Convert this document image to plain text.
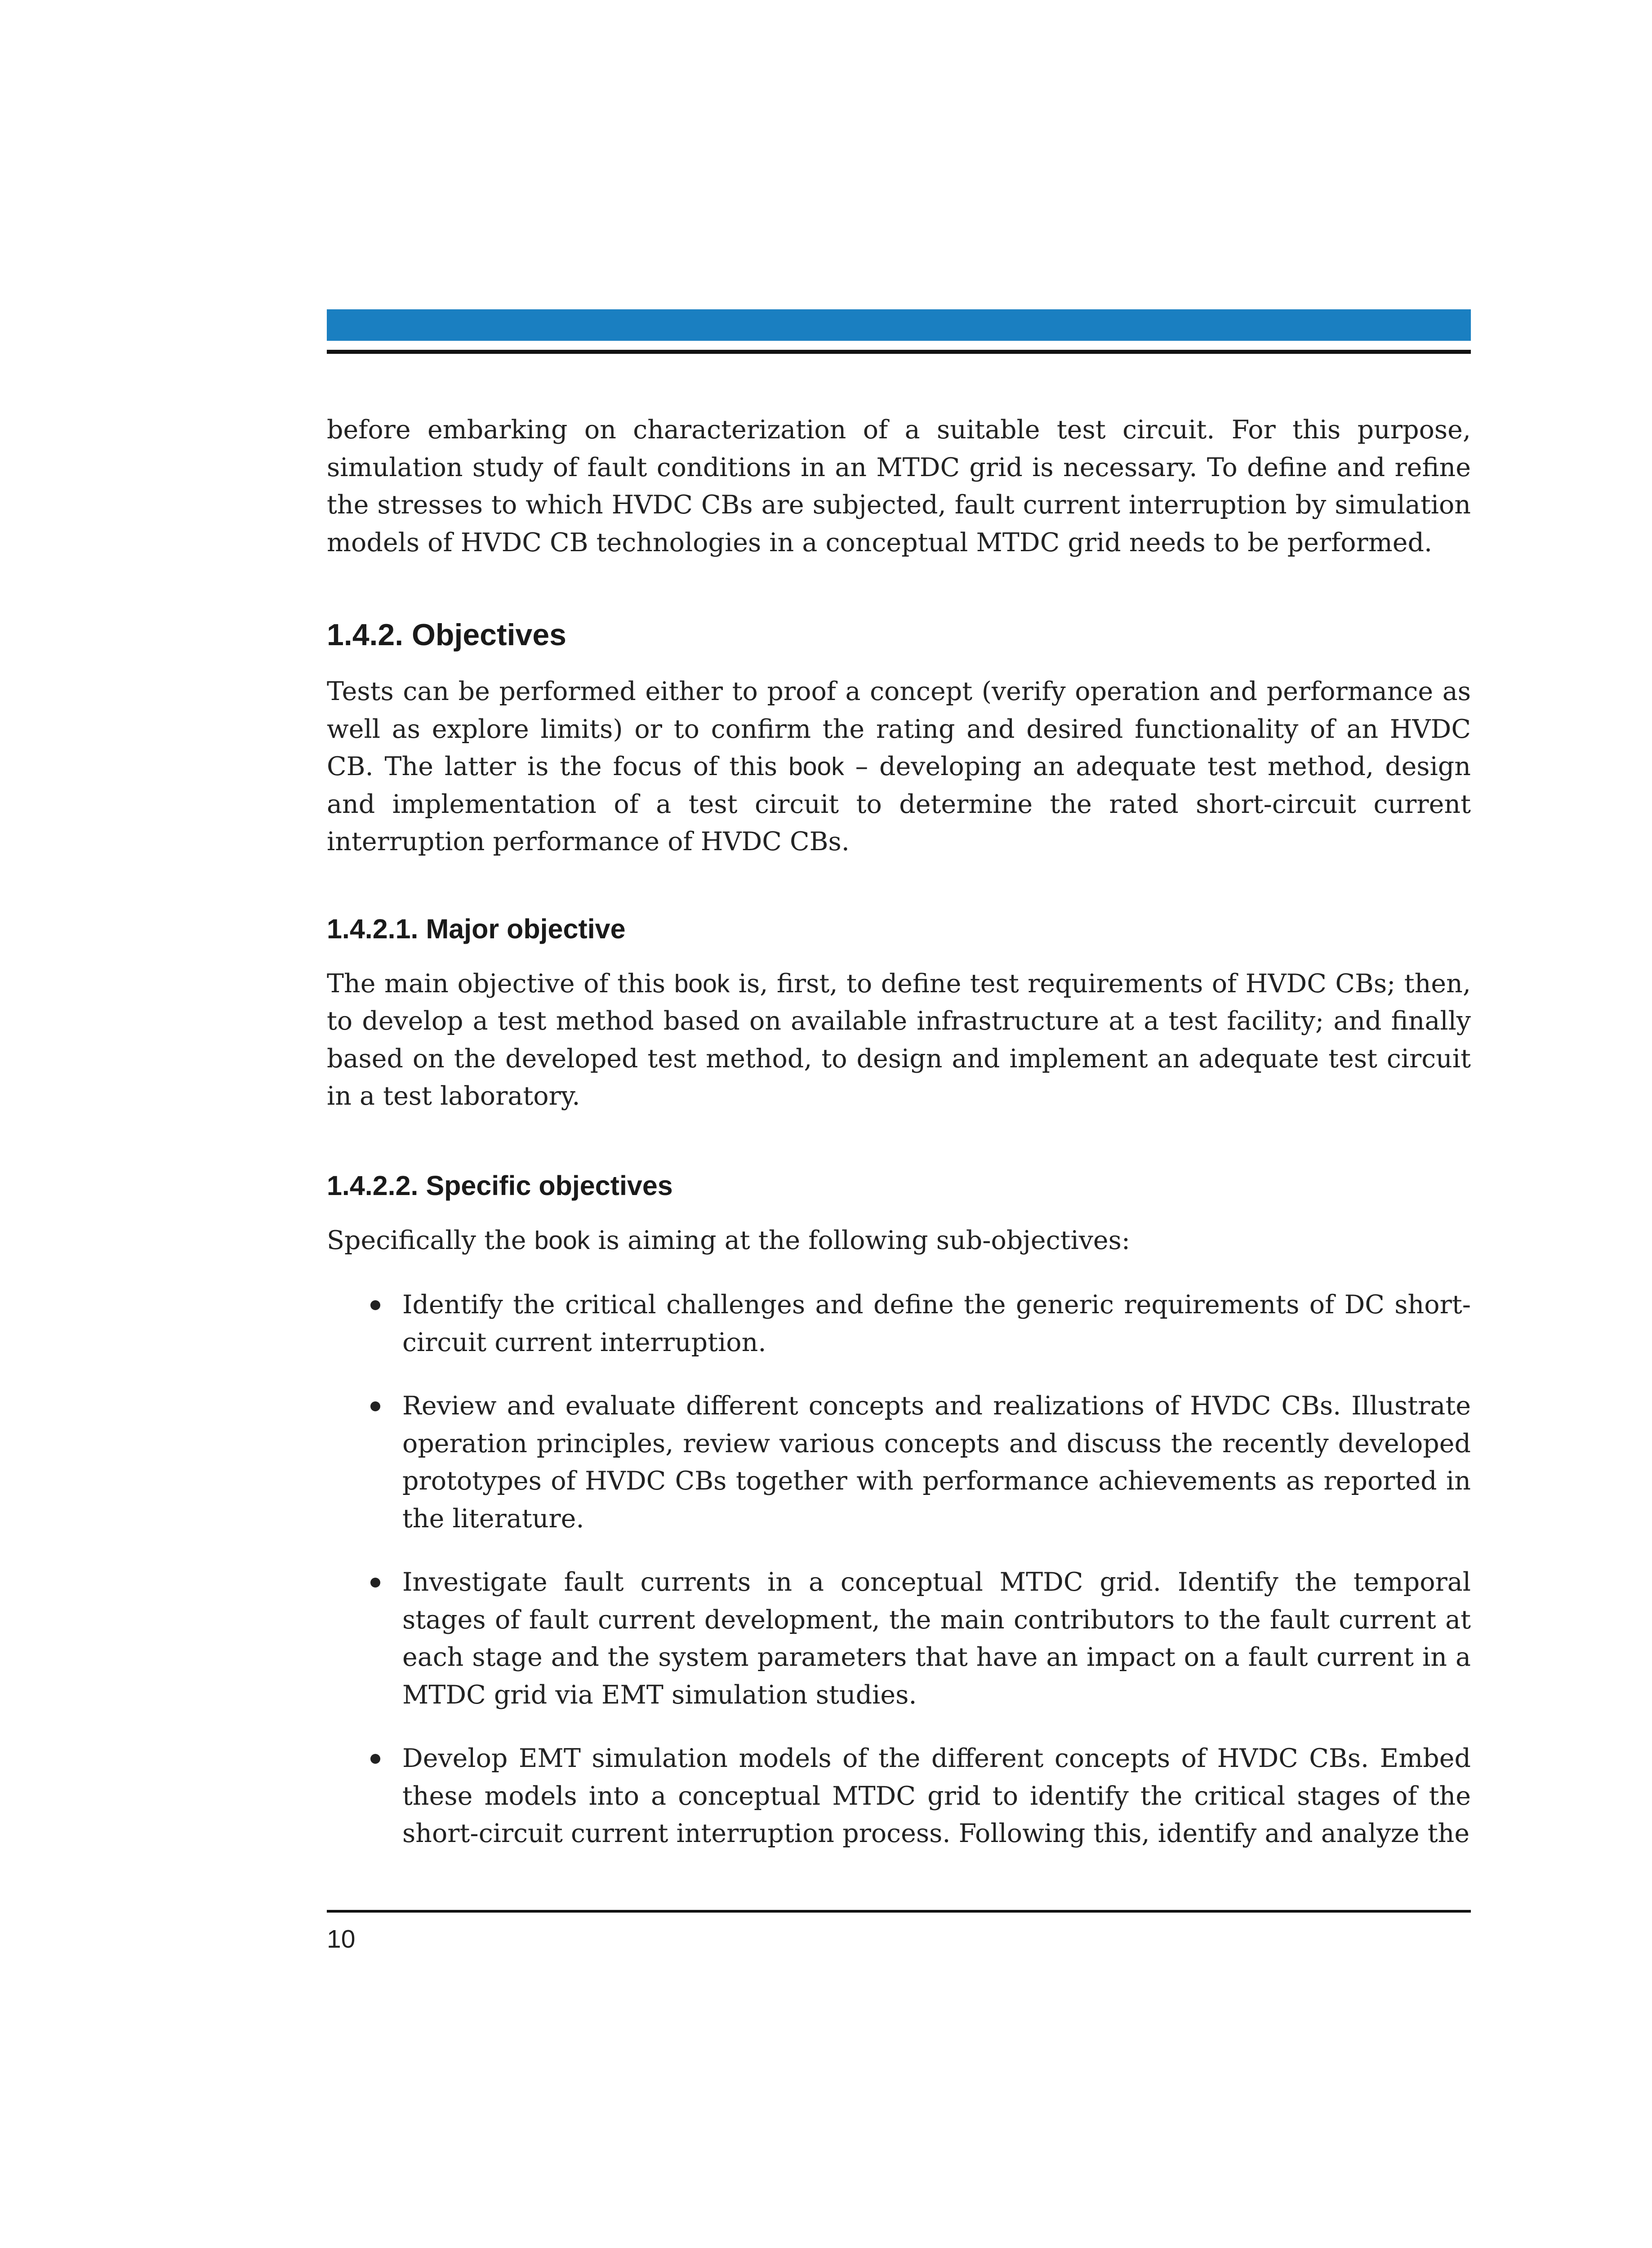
before embarking on characterization of a suitable test circuit. For this purpose, simulation study of fault conditions in an MTDC grid is necessary. To define and refine the stresses to which HVDC CBs are subjected, fault current interruption by simulation models of HVDC CB technologies in a conceptual MTDC grid needs to be performed.

1.4.2. Objectives

Tests can be performed either to proof a concept (verify operation and performance as well as explore limits) or to confirm the rating and desired functionality of an HVDC CB. The latter is the focus of this book – developing an adequate test method, design and implementation of a test circuit to determine the rated short-circuit current interruption performance of HVDC CBs.

1.4.2.1. Major objective

The main objective of this book is, first, to define test requirements of HVDC CBs; then, to develop a test method based on available infrastructure at a test facility; and finally based on the developed test method, to design and implement an adequate test circuit in a test laboratory.

1.4.2.2. Specific objectives

Specifically the book is aiming at the following sub-objectives:

Identify the critical challenges and define the generic requirements of DC short-circuit current interruption.
Review and evaluate different concepts and realizations of HVDC CBs. Illustrate operation principles, review various concepts and discuss the recently developed prototypes of HVDC CBs together with performance achievements as reported in the literature.
Investigate fault currents in a conceptual MTDC grid. Identify the temporal stages of fault current development, the main contributors to the fault current at each stage and the system parameters that have an impact on a fault current in a MTDC grid via EMT simulation studies.
Develop EMT simulation models of the different concepts of HVDC CBs. Embed these models into a conceptual MTDC grid to identify the critical stages of the short-circuit current interruption process. Following this, identify and analyze the
10
